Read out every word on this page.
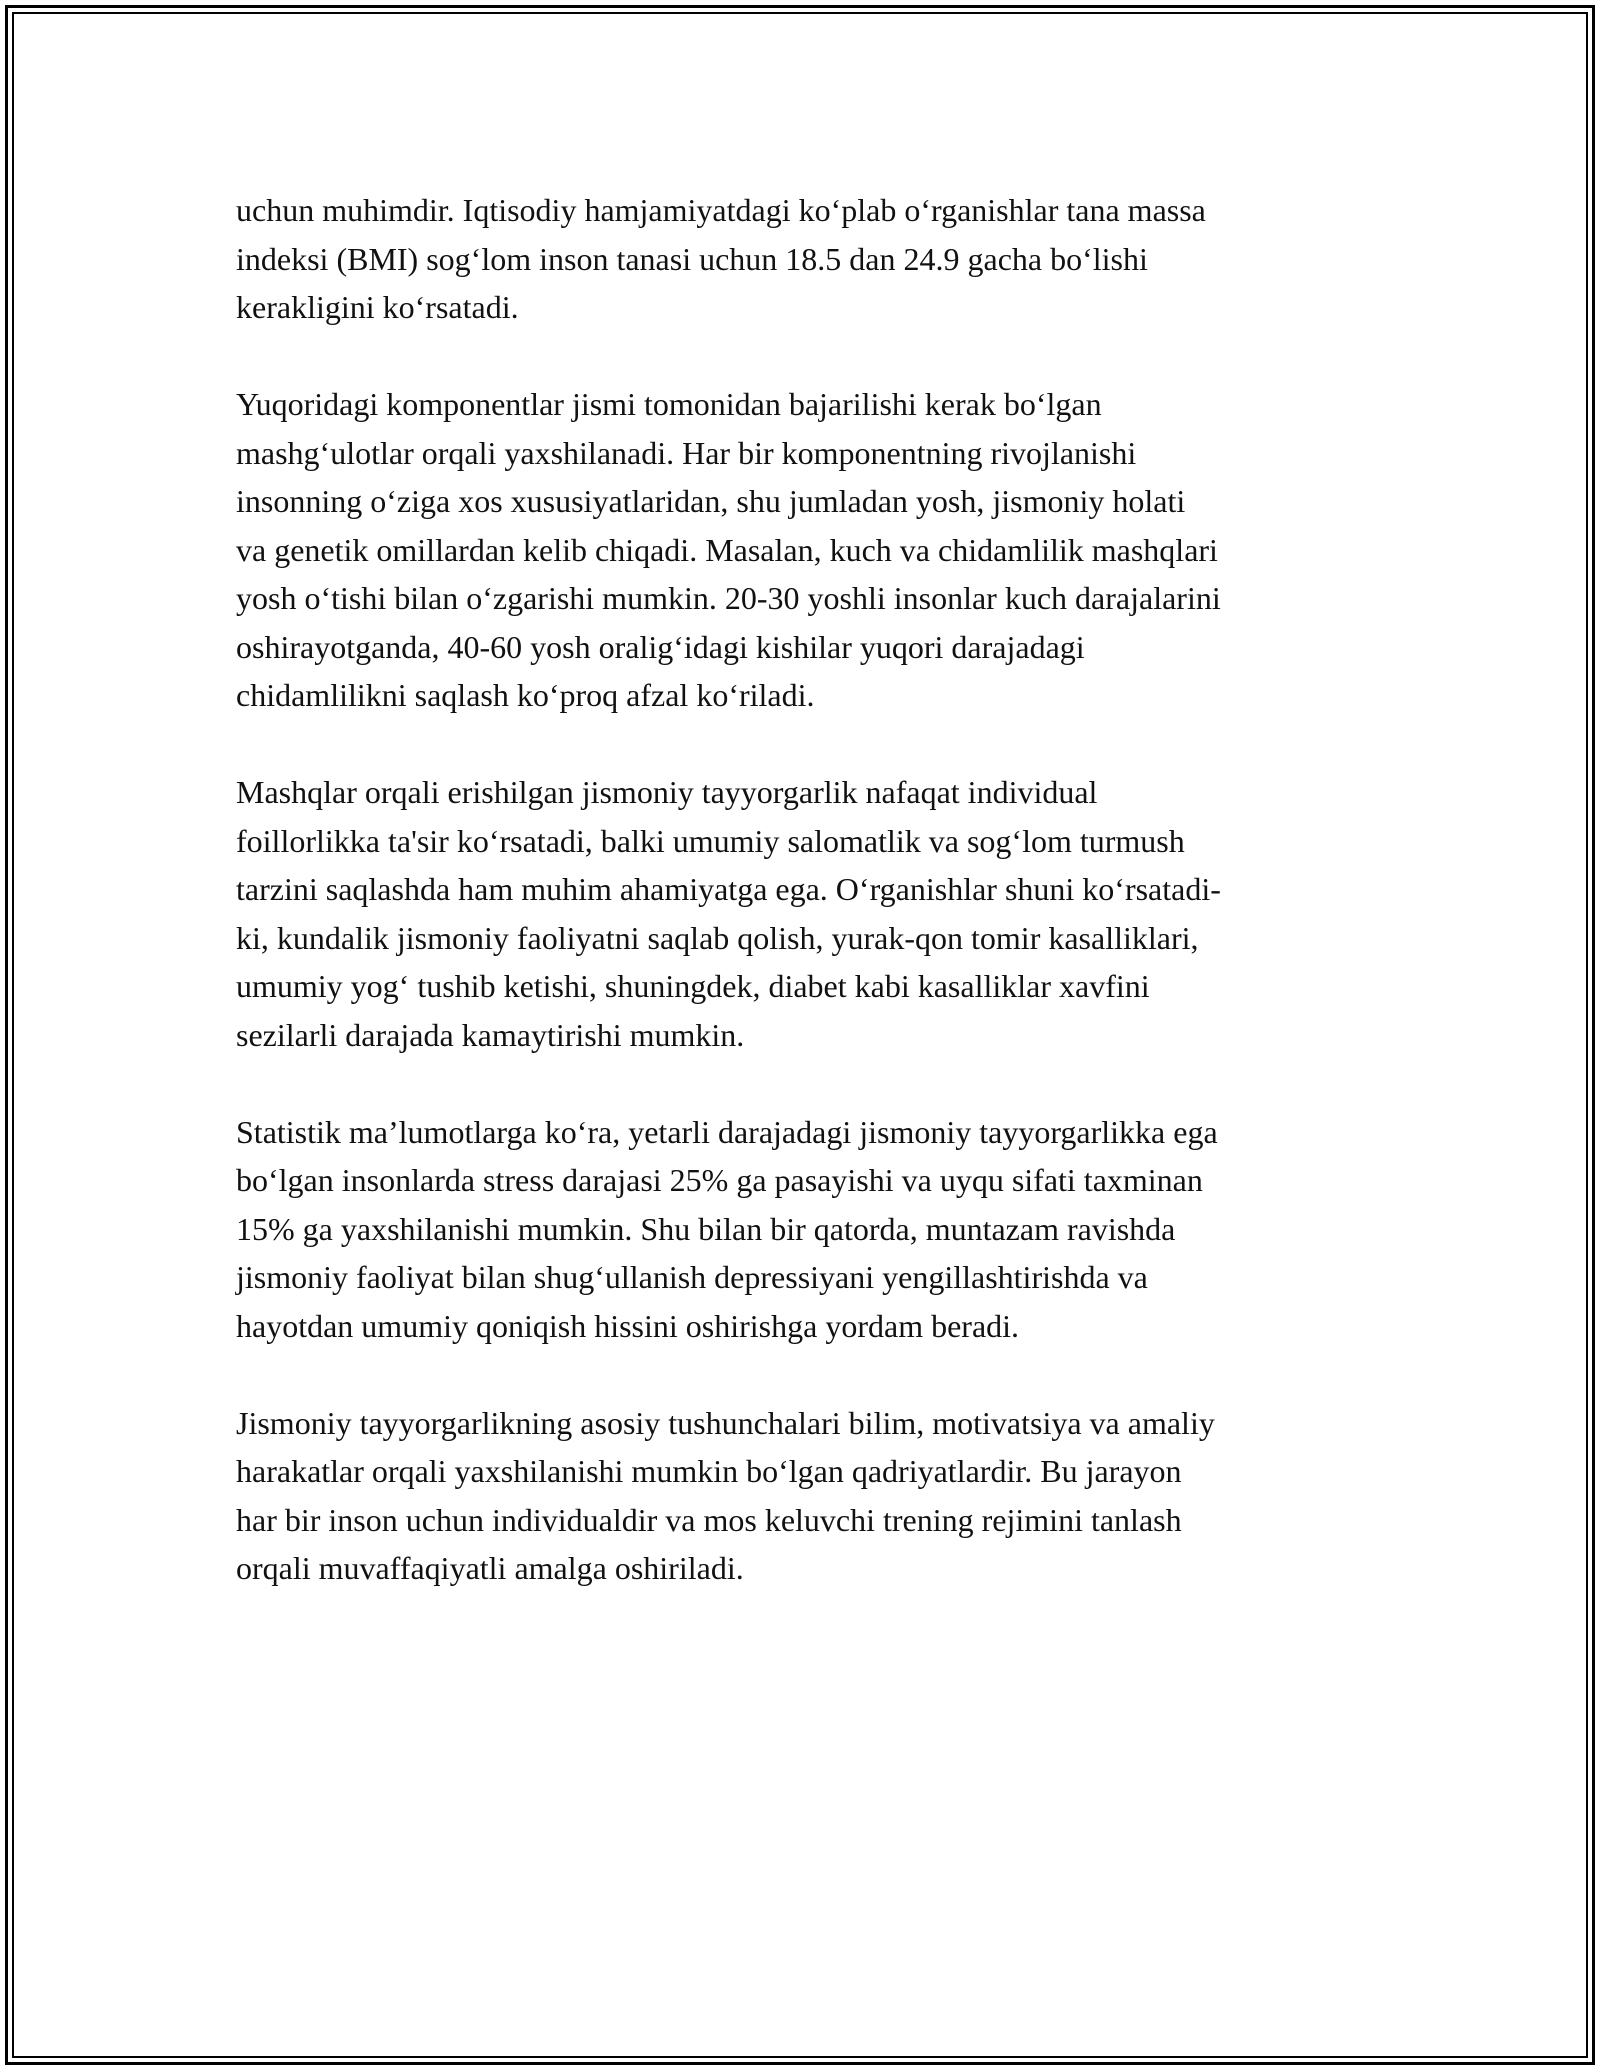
uchun muhimdir. Iqtisodiy hamjamiyatdagi koʻplab oʻrganishlar tana massa
indeksi (BMI) sogʻlom inson tanasi uchun 18.5 dan 24.9 gacha boʻlishi
kerakligini koʻrsatadi.

Yuqoridagi komponentlar jismi tomonidan bajarilishi kerak boʻlgan
mashgʻulotlar orqali yaxshilanadi. Har bir komponentning rivojlanishi
insonning oʻziga xos xususiyatlaridan, shu jumladan yosh, jismoniy holati
va genetik omillardan kelib chiqadi. Masalan, kuch va chidamlilik mashqlari
yosh oʻtishi bilan oʻzgarishi mumkin. 20-30 yoshli insonlar kuch darajalarini
oshirayotganda, 40-60 yosh oraligʻidagi kishilar yuqori darajadagi
chidamlilikni saqlash koʻproq afzal koʻriladi.

Mashqlar orqali erishilgan jismoniy tayyorgarlik nafaqat individual
foillorlikka ta'sir koʻrsatadi, balki umumiy salomatlik va sogʻlom turmush
tarzini saqlashda ham muhim ahamiyatga ega. Oʻrganishlar shuni koʻrsatadi-
ki, kundalik jismoniy faoliyatni saqlab qolish, yurak-qon tomir kasalliklari,
umumiy yogʻ tushib ketishi, shuningdek, diabet kabi kasalliklar xavfini
sezilarli darajada kamaytirishi mumkin.

Statistik ma’lumotlarga koʻra, yetarli darajadagi jismoniy tayyorgarlikka ega
boʻlgan insonlarda stress darajasi 25% ga pasayishi va uyqu sifati taxminan
15% ga yaxshilanishi mumkin. Shu bilan bir qatorda, muntazam ravishda
jismoniy faoliyat bilan shugʻullanish depressiyani yengillashtirishda va
hayotdan umumiy qoniqish hissini oshirishga yordam beradi.

Jismoniy tayyorgarlikning asosiy tushunchalari bilim, motivatsiya va amaliy
harakatlar orqali yaxshilanishi mumkin boʻlgan qadriyatlardir. Bu jarayon
har bir inson uchun individualdir va mos keluvchi trening rejimini tanlash
orqali muvaffaqiyatli amalga oshiriladi.
